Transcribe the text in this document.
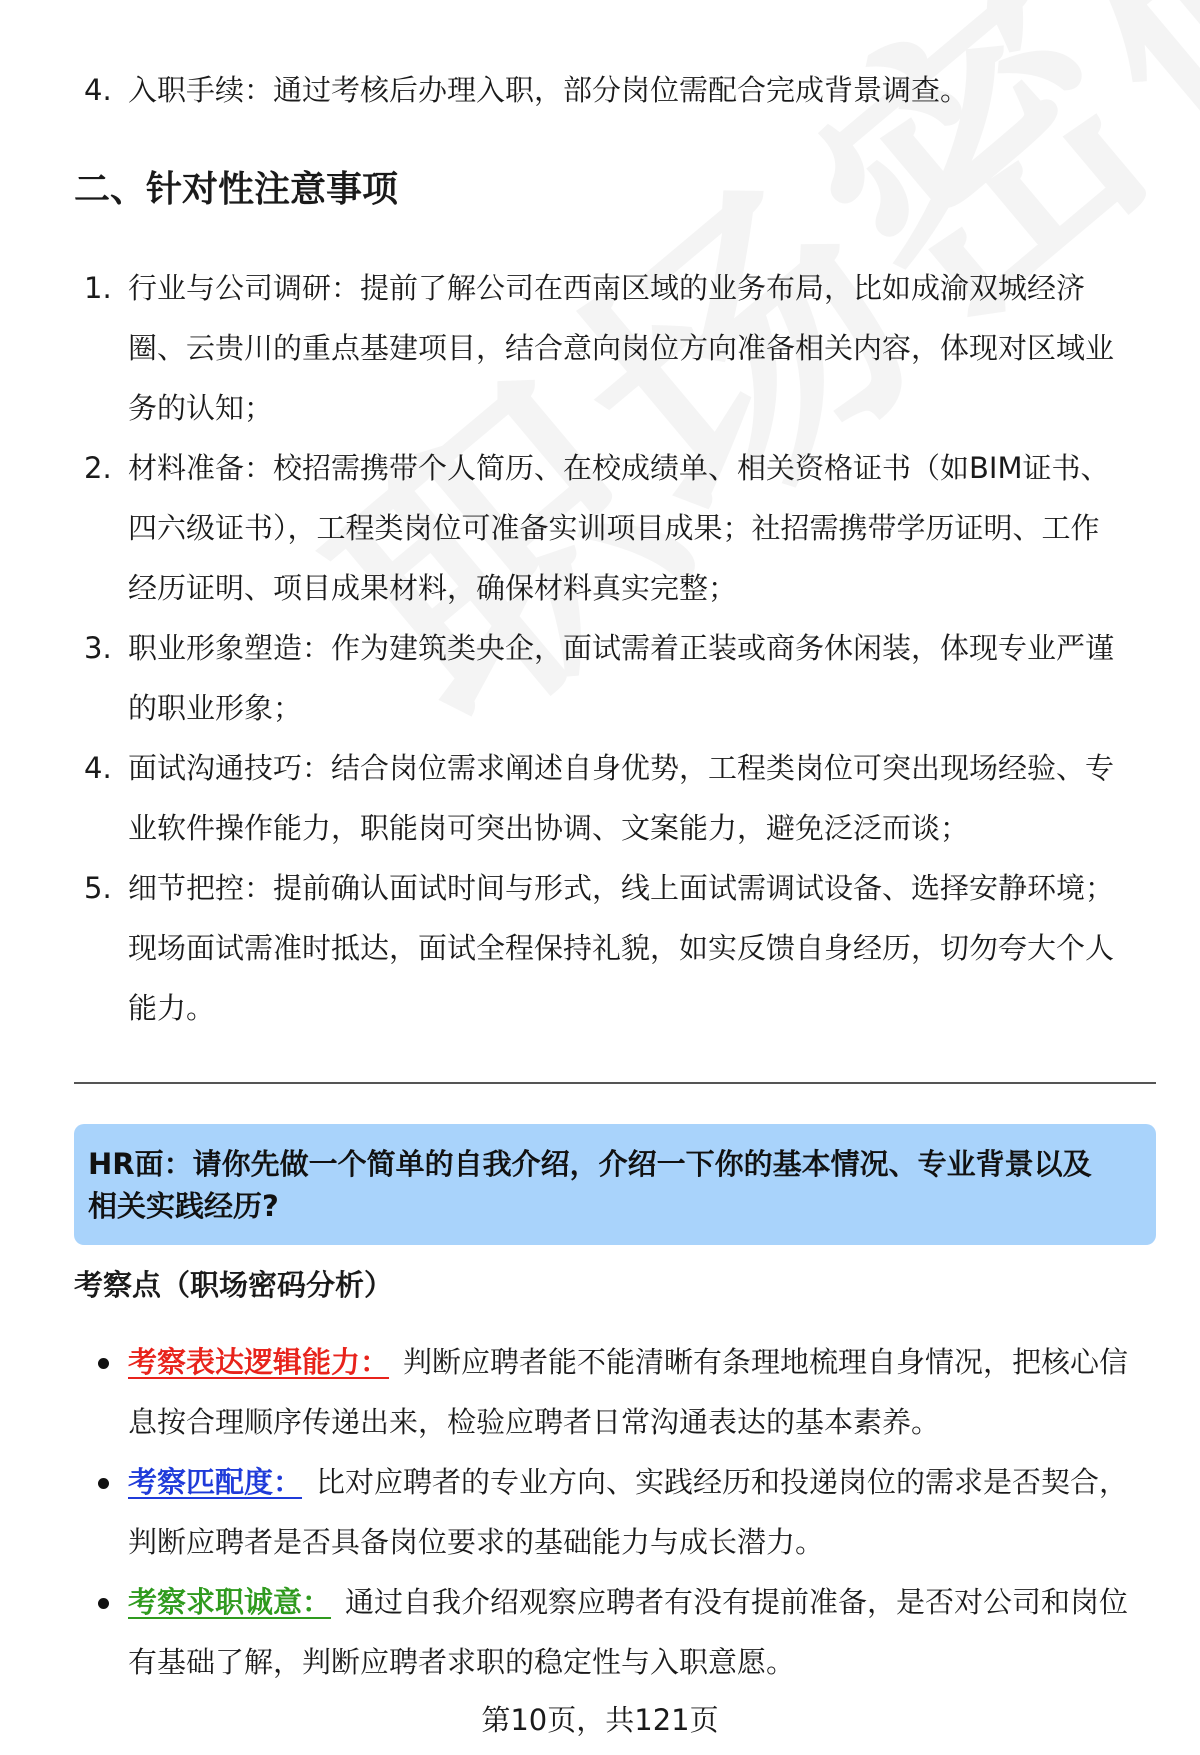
4. 入职手续：通过考核后办理入职，部分岗位需配合完成背景调查。
二、针对性注意事项
1. 行业与公司调研：提前了解公司在西南区域的业务布局，比如成渝双城经济
圈、云贵川的重点基建项目，结合意向岗位方向准备相关内容，体现对区域业
务的认知；
2. 材料准备：校招需携带个人简历、在校成绩单、相关资格证书（如BIM证书、
四六级证书），工程类岗位可准备实训项目成果；社招需携带学历证明、工作
经历证明、项目成果材料，确保材料真实完整；
3. 职业形象塑造：作为建筑类央企，面试需着正装或商务休闲装，体现专业严谨
的职业形象；
4. 面试沟通技巧：结合岗位需求阐述自身优势，工程类岗位可突出现场经验、专
业软件操作能力，职能岗可突出协调、文案能力，避免泛泛而谈；
5. 细节把控：提前确认面试时间与形式，线上面试需调试设备、选择安静环境；
现场面试需准时抵达，面试全程保持礼貌，如实反馈自身经历，切勿夸大个人
能力。
HR面：请你先做一个简单的自我介绍，介绍一下你的基本情况、专业背景以及
相关实践经历?
考察点（职场密码分析）
考察表达逻辑能力： 判断应聘者能不能清晰有条理地梳理自身情况，把核心信
息按合理顺序传递出来，检验应聘者日常沟通表达的基本素养。
考察匹配度： 比对应聘者的专业方向、实践经历和投递岗位的需求是否契合，
判断应聘者是否具备岗位要求的基础能力与成长潜力。
考察求职诚意： 通过自我介绍观察应聘者有没有提前准备，是否对公司和岗位
有基础了解，判断应聘者求职的稳定性与入职意愿。
第10页，共121页
